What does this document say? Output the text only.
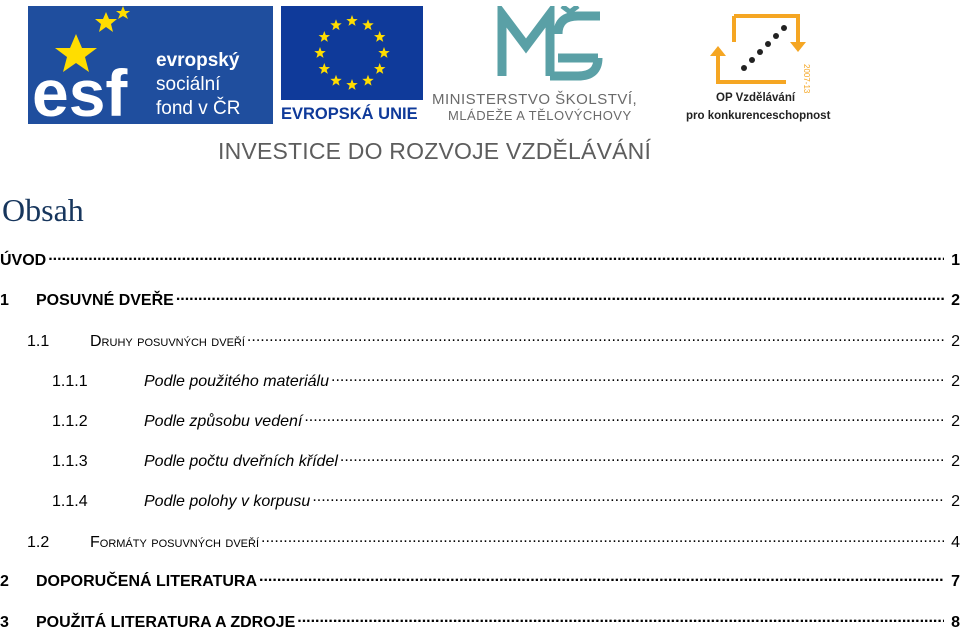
esf evropský
sociální
fond v ČR EVROPSKÁ UNIE
MINISTERSTVO ŠKOLSTVÍ,
MLÁDEŽE A TĚLOVÝCHOVY
2007-13
OP Vzdělávání
pro konkurenceschopnost
INVESTICE DO ROZVOJE VZDĚLÁVÁNÍ
Obsah
ÚVOD .....	1
1	POSUVNÉ DVEŘE .....	2
1.1	Druhy posuvných dveří .....	2
1.1.1	Podle použitého materiálu .....	2
1.1.2	Podle způsobu vedení .....	2
1.1.3	Podle počtu dveřních křídel .....	2
1.1.4	Podle polohy v korpusu .....	2
1.2	Formáty posuvných dveří .....	4
2	DOPORUČENÁ LITERATURA .....	7
3	POUŽITÁ LITERATURA A ZDROJE .....	8
